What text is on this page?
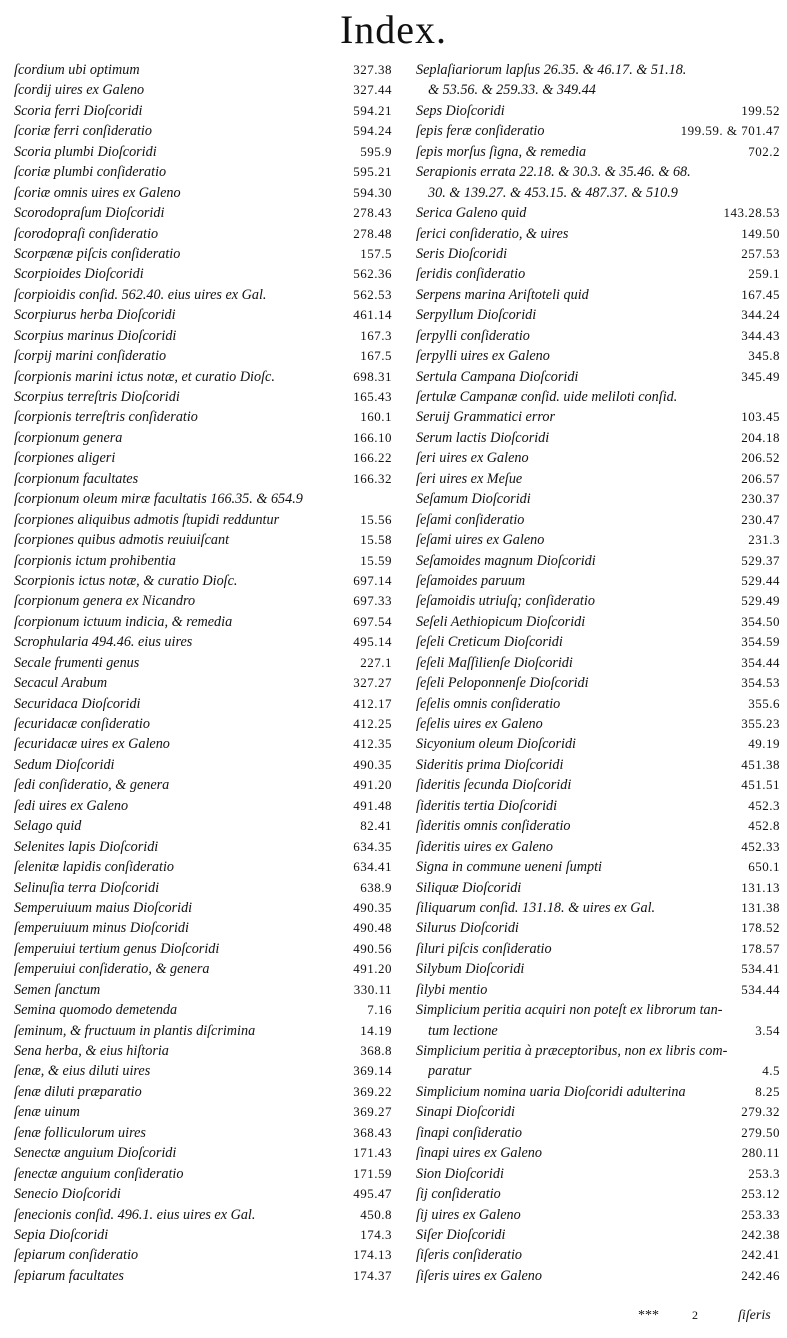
Index.
ſcordium ubi optimum	327.38
ſcordij uires ex Galeno	327.44
Scoria ferri Dioſcoridi	594.21
ſcoriæ ferri conſideratio	594.24
Scoria plumbi Dioſcoridi	595.9
ſcoriæ plumbi conſideratio	595.21
ſcoriæ omnis uires ex Galeno	594.30
Scorodopraſum Dioſcoridi	278.43
ſcorodopraſi conſideratio	278.48
Scorpænæ piſcis conſideratio	157.5
Scorpioides Dioſcoridi	562.36
ſcorpioidis conſid. 562.40. eius uires ex Gal.	562.53
Scorpiurus herba Dioſcoridi	461.14
Scorpius marinus Dioſcoridi	167.3
ſcorpij marini conſideratio	167.5
ſcorpionis marini ictus notæ, et curatio Dioſc.	698.31
Scorpius terreſtris Dioſcoridi	165.43
ſcorpionis terreſtris conſideratio	160.1
ſcorpionum genera	166.10
ſcorpiones aligeri	166.22
ſcorpionum facultates	166.32
ſcorpionum oleum miræ facultatis 166.35. & 654.9
ſcorpiones aliquibus admotis ſtupidi redduntur	15.56
ſcorpiones quibus admotis reuiuiſcant	15.58
ſcorpionis ictum prohibentia	15.59
Scorpionis ictus notæ, & curatio Dioſc.	697.14
ſcorpionum genera ex Nicandro	697.33
ſcorpionum ictuum indicia, & remedia	697.54
Scrophularia 494.46. eius uires	495.14
Secale frumenti genus	227.1
Secacul Arabum	327.27
Securidaca Dioſcoridi	412.17
ſecuridacæ conſideratio	412.25
ſecuridacæ uires ex Galeno	412.35
Sedum Dioſcoridi	490.35
ſedi conſideratio, & genera	491.20
ſedi uires ex Galeno	491.48
Selago quid	82.41
Selenites lapis Dioſcoridi	634.35
ſelenitæ lapidis conſideratio	634.41
Selinuſia terra Dioſcoridi	638.9
Semperuiuum maius Dioſcoridi	490.35
ſemperuiuum minus Dioſcoridi	490.48
ſemperuiui tertium genus Dioſcoridi	490.56
ſemperuiui conſideratio, & genera	491.20
Semen ſanctum	330.11
Semina quomodo demetenda	7.16
ſeminum, & fructuum in plantis diſcrimina	14.19
Sena herba, & eius hiſtoria	368.8
ſenæ, & eius diluti uires	369.14
ſenæ diluti præparatio	369.22
ſenæ uinum	369.27
ſenæ folliculorum uires	368.43
Senectæ anguium Dioſcoridi	171.43
ſenectæ anguium conſideratio	171.59
Senecio Dioſcoridi	495.47
ſenecionis conſid. 496.1. eius uires ex Gal.	450.8
Sepia Dioſcoridi	174.3
ſepiarum conſideratio	174.13
ſepiarum facultates	174.37
Seplaſiariorum lapſus 26.35. & 46.17. & 51.18.
& 53.56. & 259.33. & 349.44
Seps Dioſcoridi	199.52
ſepis feræ conſideratio	199.59. & 701.47
ſepis morſus ſigna, & remedia	702.2
Serapionis errata 22.18. & 30.3. & 35.46. & 68.
30. & 139.27. & 453.15. & 487.37. & 510.9
Serica Galeno quid	143.28.53
ſerici conſideratio, & uires	149.50
Seris Dioſcoridi	257.53
ſeridis conſideratio	259.1
Serpens marina Ariſtoteli quid	167.45
Serpyllum Dioſcoridi	344.24
ſerpylli conſideratio	344.43
ſerpylli uires ex Galeno	345.8
Sertula Campana Dioſcoridi	345.49
ſertulæ Campanæ conſid. uide meliloti conſid.
Seruij Grammatici error	103.45
Serum lactis Dioſcoridi	204.18
ſeri uires ex Galeno	206.52
ſeri uires ex Meſue	206.57
Seſamum Dioſcoridi	230.37
ſeſami conſideratio	230.47
ſeſami uires ex Galeno	231.3
Seſamoides magnum Dioſcoridi	529.37
ſeſamoides paruum	529.44
ſeſamoidis utriuſq; conſideratio	529.49
Seſeli Aethiopicum Dioſcoridi	354.50
ſeſeli Creticum Dioſcoridi	354.59
ſeſeli Maſſilienſe Dioſcoridi	354.44
ſeſeli Peloponnenſe Dioſcoridi	354.53
ſeſelis omnis conſideratio	355.6
ſeſelis uires ex Galeno	355.23
Sicyonium oleum Dioſcoridi	49.19
Sideritis prima Dioſcoridi	451.38
ſideritis ſecunda Dioſcoridi	451.51
ſideritis tertia Dioſcoridi	452.3
ſideritis omnis conſideratio	452.8
ſideritis uires ex Galeno	452.33
Signa in commune ueneni ſumpti	650.1
Siliquæ Dioſcoridi	131.13
ſiliquarum conſid. 131.18. & uires ex Gal.	131.38
Silurus Dioſcoridi	178.52
ſiluri piſcis conſideratio	178.57
Silybum Dioſcoridi	534.41
ſilybi mentio	534.44
Simplicium peritia acquiri non poteſt ex librorum tan-
tum lectione	3.54
Simplicium peritia à præceptoribus, non ex libris com-
paratur	4.5
Simplicium nomina uaria Dioſcoridi adulterina	8.25
Sinapi Dioſcoridi	279.32
ſinapi conſideratio	279.50
ſinapi uires ex Galeno	280.11
Sion Dioſcoridi	253.3
ſij conſideratio	253.12
ſij uires ex Galeno	253.33
Siſer Dioſcoridi	242.38
ſiſeris conſideratio	242.41
ſiſeris uires ex Galeno	242.46
***	2	ſiſeris
